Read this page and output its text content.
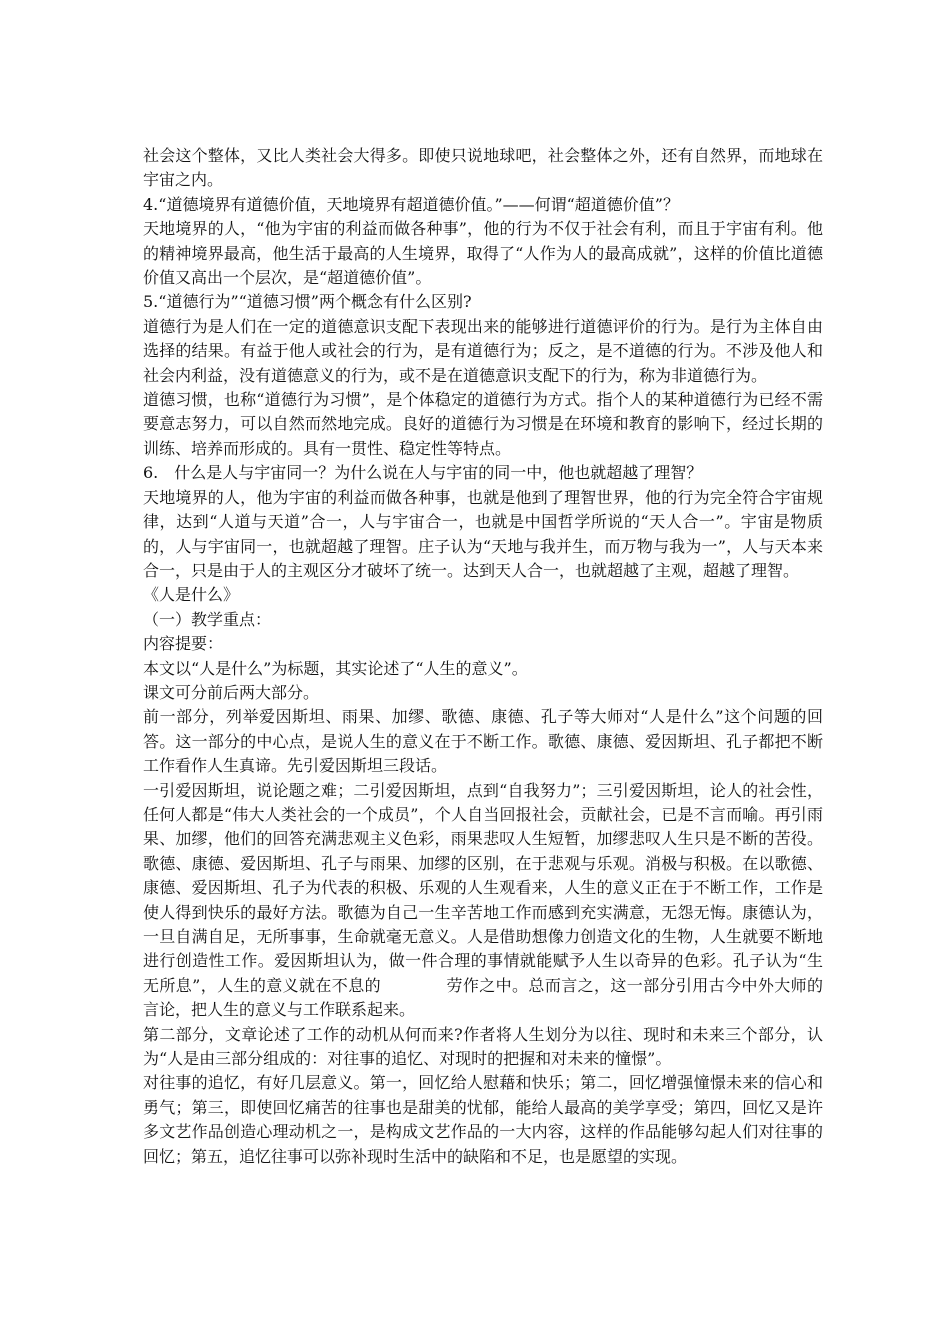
社会这个整体，又比人类社会大得多。即使只说地球吧，社会整体之外，还有自然界，而地球在宇宙之内。

4.“道德境界有道德价值，天地境界有超道德价值。”——何谓“超道德价值”？

天地境界的人，“他为宇宙的利益而做各种事”，他的行为不仅于社会有利，而且于宇宙有利。他的精神境界最高，他生活于最高的人生境界，取得了“人作为人的最高成就”，这样的价值比道德价值又高出一个层次，是“超道德价值”。

5.“道德行为”“道德习惯”两个概念有什么区别?

道德行为是人们在一定的道德意识支配下表现出来的能够进行道德评价的行为。是行为主体自由选择的结果。有益于他人或社会的行为，是有道德行为；反之，是不道德的行为。不涉及他人和社会内利益，没有道德意义的行为，或不是在道德意识支配下的行为，称为非道德行为。

道德习惯，也称“道德行为习惯”，是个体稳定的道德行为方式。指个人的某种道德行为已经不需要意志努力，可以自然而然地完成。良好的道德行为习惯是在环境和教育的影响下，经过长期的训练、培养而形成的。具有一贯性、稳定性等特点。

6.　什么是人与宇宙同一？为什么说在人与宇宙的同一中，他也就超越了理智？

天地境界的人，他为宇宙的利益而做各种事，也就是他到了理智世界，他的行为完全符合宇宙规律，达到“人道与天道”合一，人与宇宙合一，也就是中国哲学所说的“天人合一”。宇宙是物质的，人与宇宙同一，也就超越了理智。庄子认为“天地与我并生，而万物与我为一”，人与天本来合一，只是由于人的主观区分才破坏了统一。达到天人合一，也就超越了主观，超越了理智。

《人是什么》

（一）教学重点：

内容提要：

本文以“人是什么”为标题，其实论述了“人生的意义”。

课文可分前后两大部分。

前一部分，列举爱因斯坦、雨果、加缪、歌德、康德、孔子等大师对“人是什么”这个问题的回答。这一部分的中心点，是说人生的意义在于不断工作。歌德、康德、爱因斯坦、孔子都把不断工作看作人生真谛。先引爱因斯坦三段话。

一引爱因斯坦，说论题之难；二引爱因斯坦，点到“自我努力”；三引爱因斯坦，论人的社会性，任何人都是“伟大人类社会的一个成员”，个人自当回报社会，贡献社会，已是不言而喻。再引雨果、加缪，他们的回答充满悲观主义色彩，雨果悲叹人生短暂，加缪悲叹人生只是不断的苦役。歌德、康德、爱因斯坦、孔子与雨果、加缪的区别，在于悲观与乐观。消极与积极。在以歌德、康德、爱因斯坦、孔子为代表的积极、乐观的人生观看来，人生的意义正在于不断工作，工作是使人得到快乐的最好方法。歌德为自己一生辛苦地工作而感到充实满意，无怨无悔。康德认为，一旦自满自足，无所事事，生命就毫无意义。人是借助想像力创造文化的生物，人生就要不断地进行创造性工作。爱因斯坦认为，做一件合理的事情就能赋予人生以奇异的色彩。孔子认为“生无所息”，人生的意义就在不息的　　　　劳作之中。总而言之，这一部分引用古今中外大师的言论，把人生的意义与工作联系起来。

第二部分，文章论述了工作的动机从何而来?作者将人生划分为以往、现时和未来三个部分，认为“人是由三部分组成的：对往事的追忆、对现时的把握和对未来的憧憬”。

对往事的追忆，有好几层意义。第一，回忆给人慰藉和快乐；第二，回忆增强憧憬未来的信心和勇气；第三，即使回忆痛苦的往事也是甜美的忧郁，能给人最高的美学享受；第四，回忆又是许多文艺作品创造心理动机之一，是构成文艺作品的一大内容，这样的作品能够勾起人们对往事的回忆；第五，追忆往事可以弥补现时生活中的缺陷和不足，也是愿望的实现。
